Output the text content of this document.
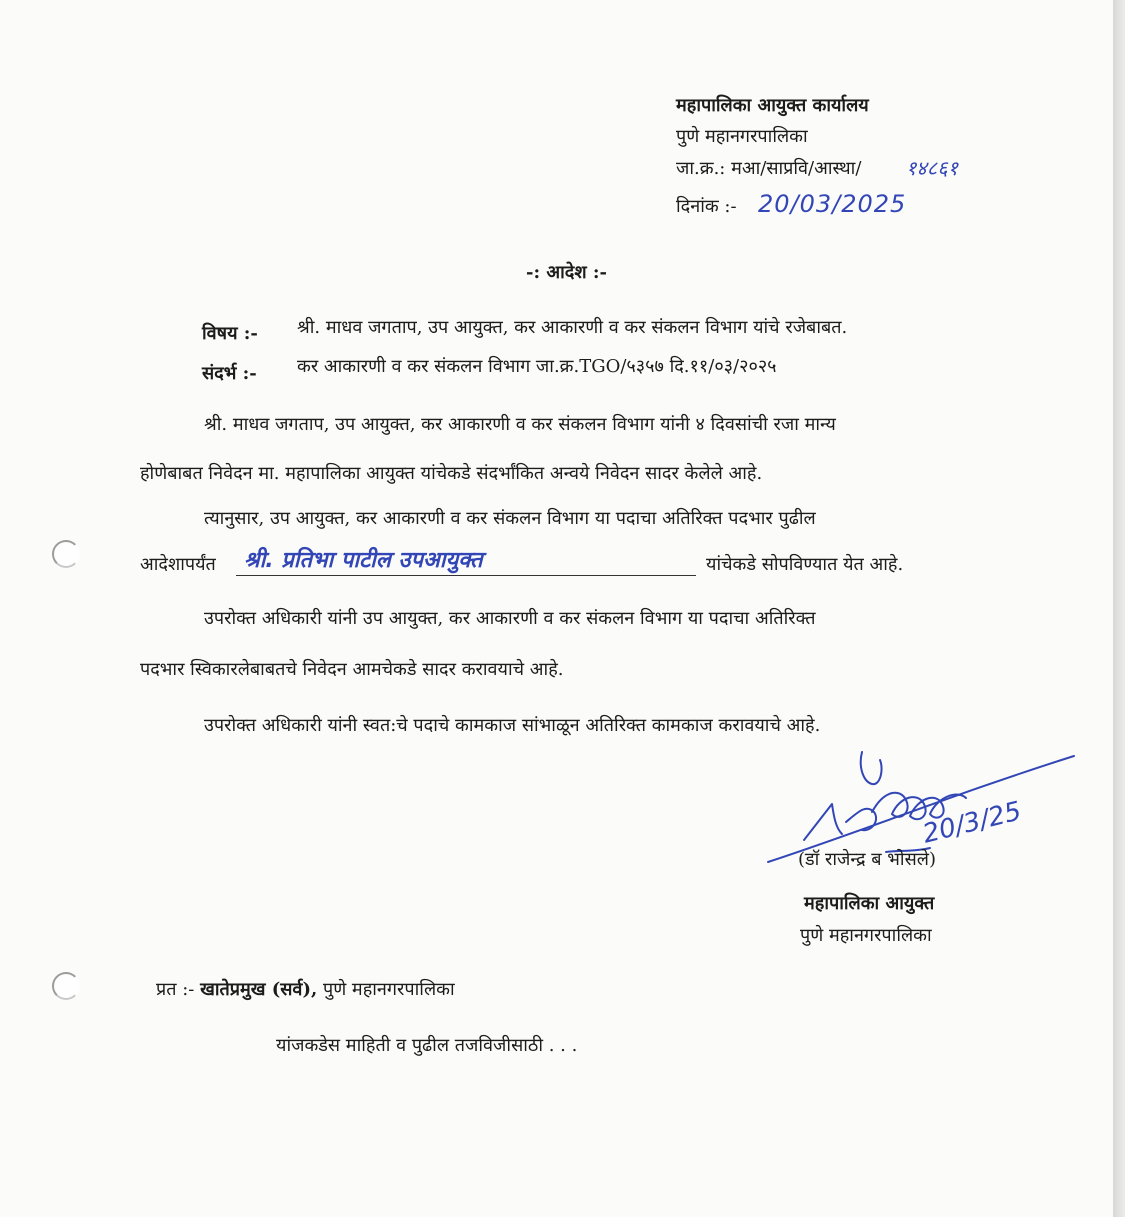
महापालिका आयुक्त कार्यालय
पुणे महानगरपालिका
जा.क्र.: मआ/साप्रवि/आस्था/ १४८६१
दिनांक :- 20/03/2025
-: आदेश :-
विषय :- श्री. माधव जगताप, उप आयुक्त, कर आकारणी व कर संकलन विभाग यांचे रजेबाबत.
संदर्भ :- कर आकारणी व कर संकलन विभाग जा.क्र.TGO/५३५७ दि.११/०३/२०२५
श्री. माधव जगताप, उप आयुक्त, कर आकारणी व कर संकलन विभाग यांनी ४ दिवसांची रजा मान्य
होणेबाबत निवेदन मा. महापालिका आयुक्त यांचेकडे संदर्भांकित अन्वये निवेदन सादर केलेले आहे.
त्यानुसार, उप आयुक्त, कर आकारणी व कर संकलन विभाग या पदाचा अतिरिक्त पदभार पुढील
आदेशापर्यंत श्री. प्रतिभा पाटील उपआयुक्त	यांचेकडे सोपविण्यात येत आहे.
उपरोक्त अधिकारी यांनी उप आयुक्त, कर आकारणी व कर संकलन विभाग या पदाचा अतिरिक्त
पदभार स्विकारलेबाबतचे निवेदन आमचेकडे सादर करावयाचे आहे.
उपरोक्त अधिकारी यांनी स्वत:चे पदाचे कामकाज सांभाळून अतिरिक्त कामकाज करावयाचे आहे.
20/3/25
(डॉ राजेन्द्र ब भोसले)
महापालिका आयुक्त
पुणे महानगरपालिका
प्रत :- खातेप्रमुख (सर्व), पुणे महानगरपालिका
यांजकडेस माहिती व पुढील तजविजीसाठी . . .
